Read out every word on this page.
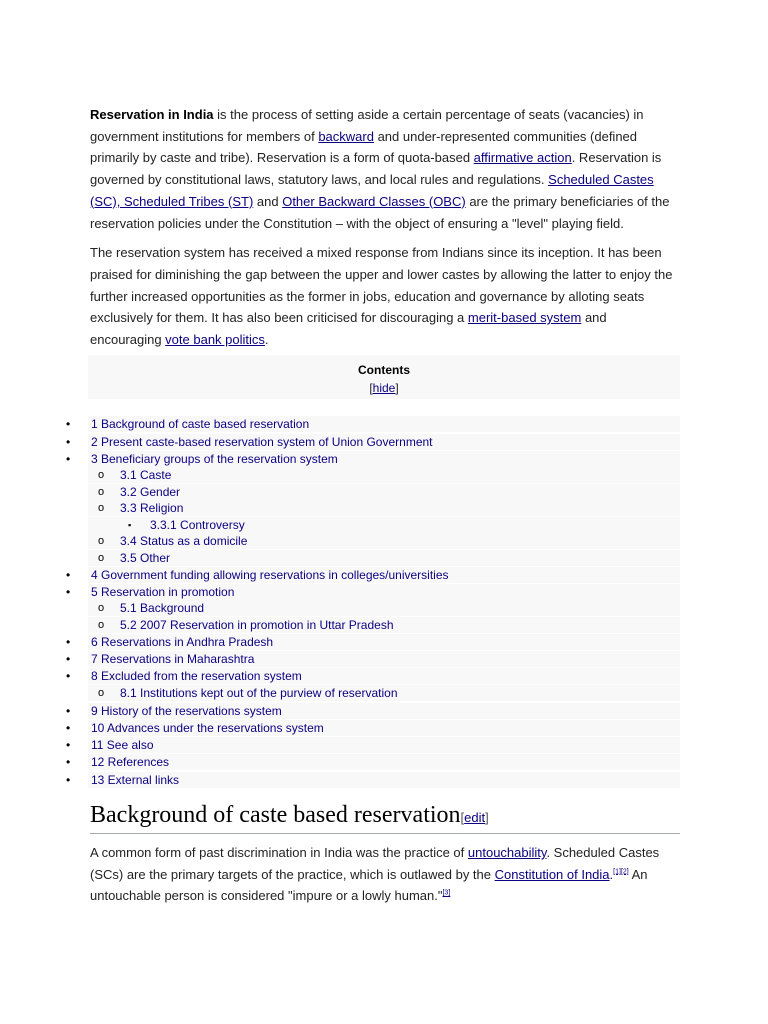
Reservation in India is the process of setting aside a certain percentage of seats (vacancies) in government institutions for members of backward and under-represented communities (defined primarily by caste and tribe). Reservation is a form of quota-based affirmative action. Reservation is governed by constitutional laws, statutory laws, and local rules and regulations. Scheduled Castes (SC), Scheduled Tribes (ST) and Other Backward Classes (OBC) are the primary beneficiaries of the reservation policies under the Constitution – with the object of ensuring a "level" playing field.

The reservation system has received a mixed response from Indians since its inception. It has been praised for diminishing the gap between the upper and lower castes by allowing the latter to enjoy the further increased opportunities as the former in jobs, education and governance by alloting seats exclusively for them. It has also been criticised for discouraging a merit-based system and encouraging vote bank politics.

Contents
[hide]
1 Background of caste based reservation
•
2 Present caste-based reservation system of Union Government
•
3 Beneficiary groups of the reservation system
•
3.1 Caste
o
3.2 Gender
o
3.3 Religion
o
3.3.1 Controversy
▪
3.4 Status as a domicile
o
3.5 Other
o
4 Government funding allowing reservations in colleges/universities
•
5 Reservation in promotion
•
5.1 Background
o
5.2 2007 Reservation in promotion in Uttar Pradesh
o
6 Reservations in Andhra Pradesh
•
7 Reservations in Maharashtra
•
8 Excluded from the reservation system
•
8.1 Institutions kept out of the purview of reservation
o
9 History of the reservations system
•
10 Advances under the reservations system
•
11 See also
•
12 References
•
13 External links
•
Background of caste based reservation[edit]

A common form of past discrimination in India was the practice of untouchability. Scheduled Castes (SCs) are the primary targets of the practice, which is outlawed by the Constitution of India.[1][2] An untouchable person is considered "impure or a lowly human."[3]
